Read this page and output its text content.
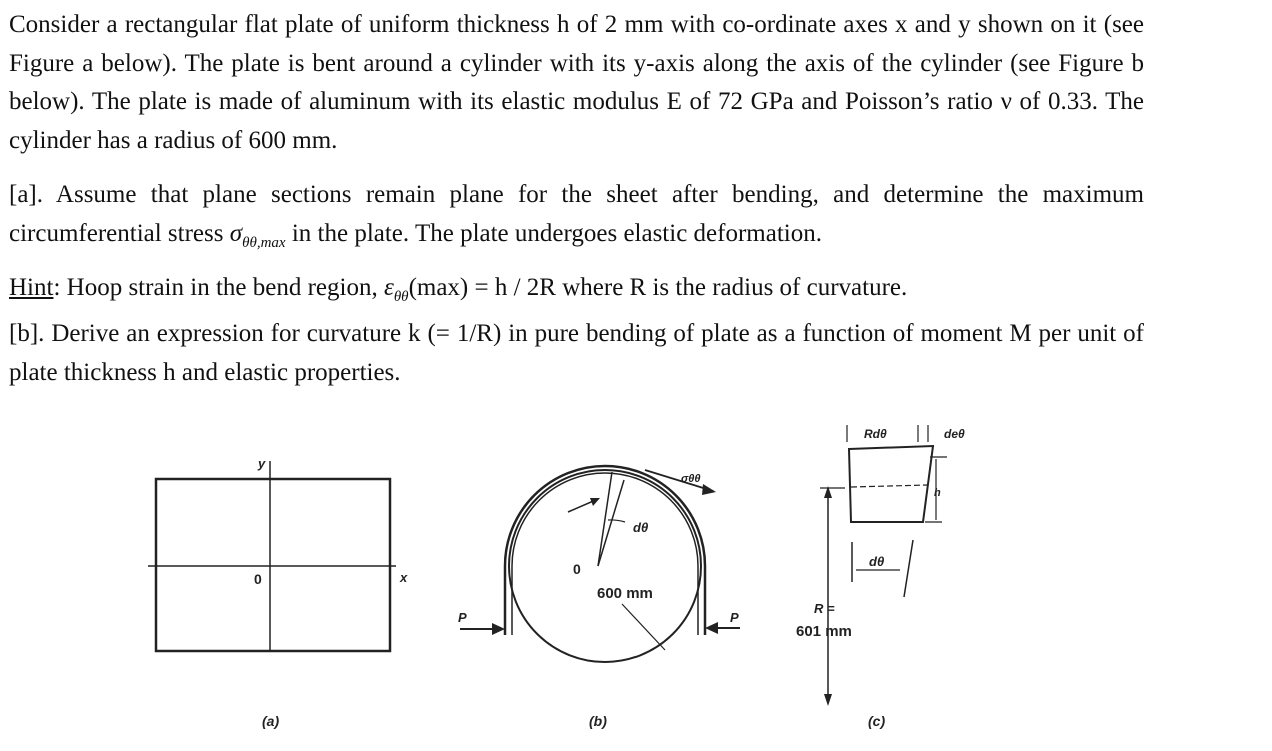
Consider a rectangular flat plate of uniform thickness h of 2 mm with co-ordinate axes x and y shown on it (see Figure a below). The plate is bent around a cylinder with its y-axis along the axis of the cylinder (see Figure b below). The plate is made of aluminum with its elastic modulus E of 72 GPa and Poisson’s ratio ν of 0.33. The cylinder has a radius of 600 mm.
[a]. Assume that plane sections remain plane for the sheet after bending, and determine the maximum circumferential stress $\sigma_{\theta\theta,max}$ in the plate. The plate undergoes elastic deformation.
Hint: Hoop strain in the bend region, $\varepsilon_{\theta\theta}(\max) = h / 2R$ where R is the radius of curvature.
[b]. Derive an expression for curvature k (= 1/R) in pure bending of plate as a function of moment M per unit of plate thickness h and elastic properties.
y
x
0
(a)
0
dθ
600 mm
σθθ
P	P
(b)
Rdθ	deθ
h
dθ
R =
601 mm
(c)
